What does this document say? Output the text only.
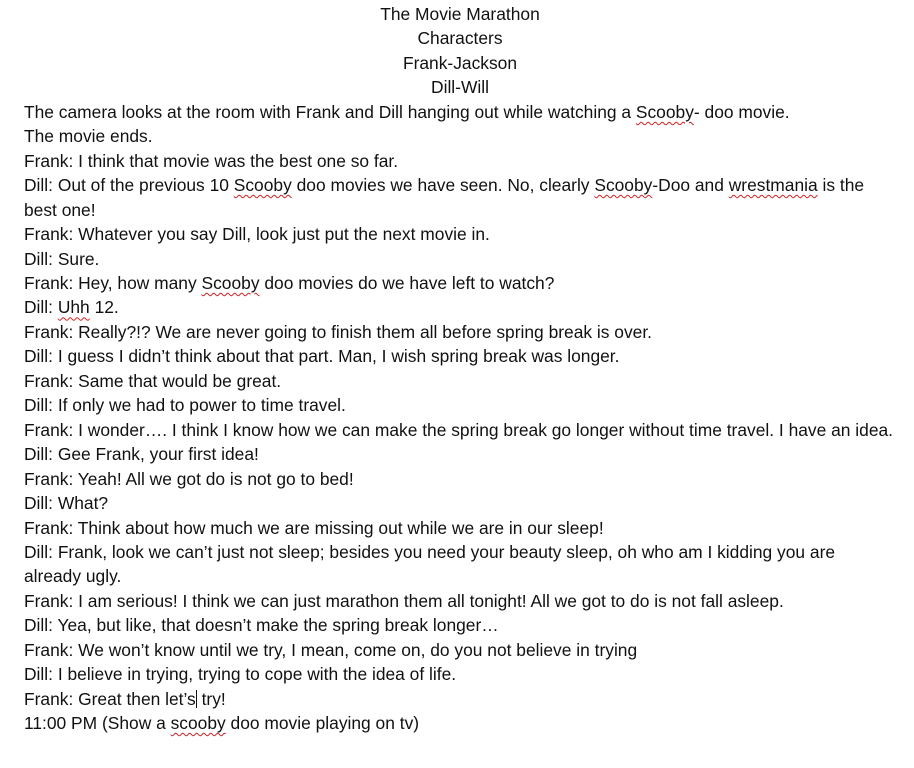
The Movie Marathon
Characters
Frank-Jackson
Dill-Will
The camera looks at the room with Frank and Dill hanging out while watching a Scooby- doo movie.
The movie ends.
Frank: I think that movie was the best one so far.
Dill: Out of the previous 10 Scooby doo movies we have seen. No, clearly Scooby-Doo and wrestmania is the best one!
Frank: Whatever you say Dill, look just put the next movie in.
Dill: Sure.
Frank: Hey, how many Scooby doo movies do we have left to watch?
Dill: Uhh 12.
Frank: Really?!? We are never going to finish them all before spring break is over.
Dill: I guess I didn’t think about that part. Man, I wish spring break was longer.
Frank: Same that would be great.
Dill: If only we had to power to time travel.
Frank: I wonder…. I think I know how we can make the spring break go longer without time travel. I have an idea.
Dill: Gee Frank, your first idea!
Frank: Yeah! All we got do is not go to bed!
Dill: What?
Frank: Think about how much we are missing out while we are in our sleep!
Dill: Frank, look we can’t just not sleep; besides you need your beauty sleep, oh who am I kidding you are already ugly.
Frank: I am serious! I think we can just marathon them all tonight! All we got to do is not fall asleep.
Dill: Yea, but like, that doesn’t make the spring break longer…
Frank: We won’t know until we try, I mean, come on, do you not believe in trying
Dill: I believe in trying, trying to cope with the idea of life.
Frank: Great then let’s try!
11:00 PM (Show a scooby doo movie playing on tv)
